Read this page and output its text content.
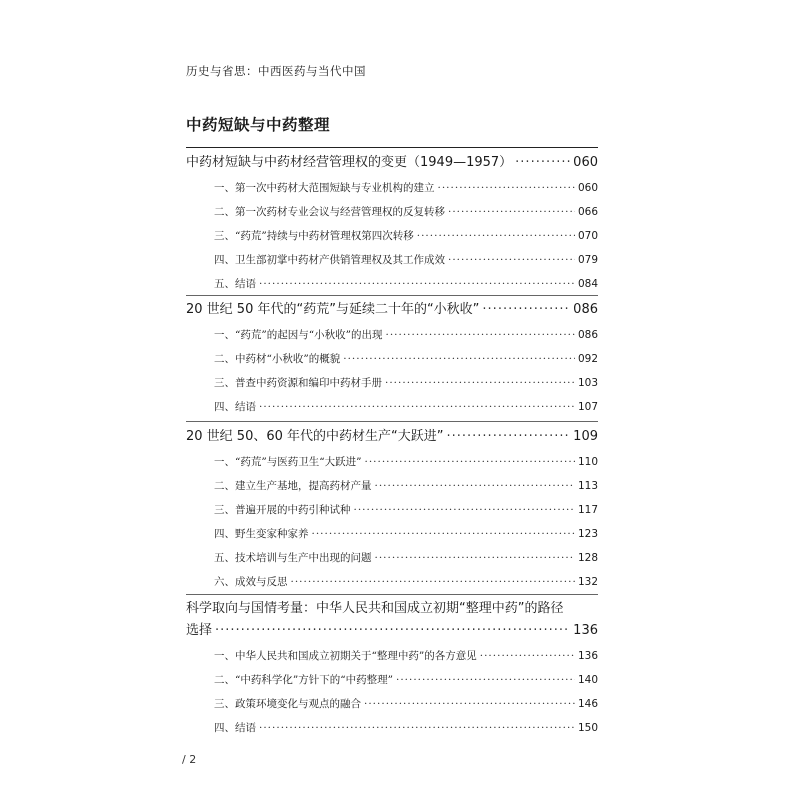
历史与省思：中西医药与当代中国
中药短缺与中药整理
中药材短缺与中药材经营管理权的变更（1949—1957） ·····	060
一、第一次中药材大范围短缺与专业机构的建立 ·····	060
二、第一次药材专业会议与经营管理权的反复转移 ·····	066
三、“药荒”持续与中药材管理权第四次转移 ·····	070
四、卫生部初掌中药材产供销管理权及其工作成效 ·····	079
五、结语 ·····	084
20 世纪 50 年代的“药荒”与延续二十年的“小秋收” ·····	086
一、“药荒”的起因与“小秋收”的出现 ·····	086
二、中药材“小秋收”的概貌 ·····	092
三、普查中药资源和编印中药材手册 ·····	103
四、结语 ·····	107
20 世纪 50、60 年代的中药材生产“大跃进” ·····	109
一、“药荒”与医药卫生“大跃进” ·····	110
二、建立生产基地，提高药材产量 ·····	113
三、普遍开展的中药引种试种 ·····	117
四、野生变家种家养 ·····	123
五、技术培训与生产中出现的问题 ·····	128
六、成效与反思 ·····	132
科学取向与国情考量：中华人民共和国成立初期“整理中药”的路径
选择 ·····	136
一、中华人民共和国成立初期关于“整理中药”的各方意见 ·····	136
二、“中药科学化”方针下的“中药整理” ·····	140
三、政策环境变化与观点的融合 ·····	146
四、结语 ·····	150
/ 2
